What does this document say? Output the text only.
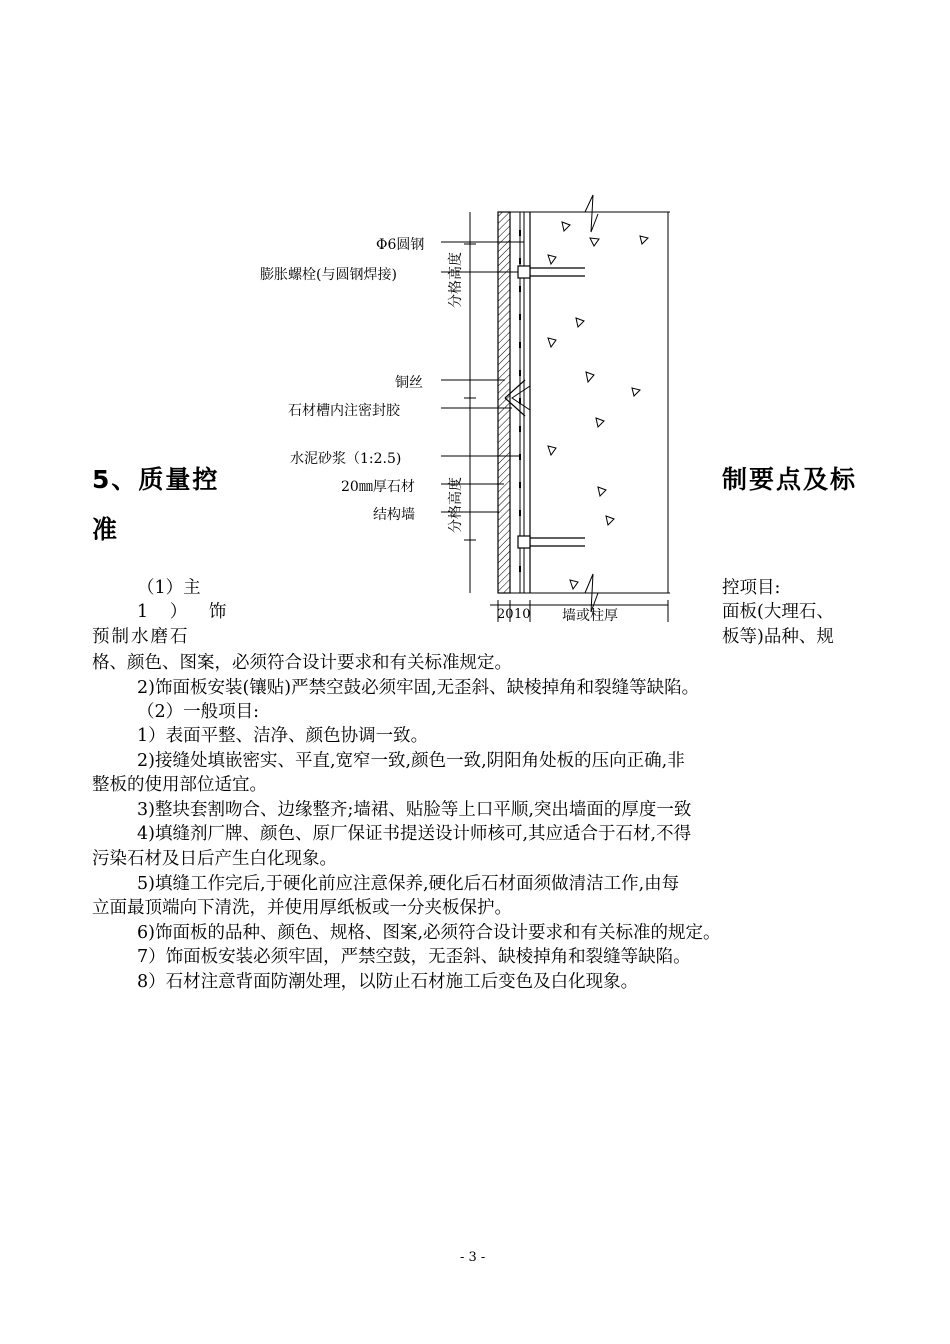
Φ6圆钢
膨胀螺栓(与圆钢焊接)
铜丝
石材槽内注密封胶
水泥砂浆（1:2.5)
20㎜厚石材
结构墙
分格高度
分格高度
20 10 墙或柱厚
5、质量控	制要点及标
准
（1）主	控项目:
1 ） 饰	面板(大理石、
预制水磨石	板等)品种、规
格、颜色、图案，必须符合设计要求和有关标准规定。
2)饰面板安装(镶贴)严禁空鼓必须牢固,无歪斜、缺棱掉角和裂缝等缺陷。
（2）一般项目:
1）表面平整、洁净、颜色协调一致。
2)接缝处填嵌密实、平直,宽窄一致,颜色一致,阴阳角处板的压向正确,非
整板的使用部位适宜。
3)整块套割吻合、边缘整齐;墙裙、贴脸等上口平顺,突出墙面的厚度一致
4)填缝剂厂牌、颜色、原厂保证书提送设计师核可,其应适合于石材,不得
污染石材及日后产生白化现象。
5)填缝工作完后,于硬化前应注意保养,硬化后石材面须做清洁工作,由每
立面最顶端向下清洗，并使用厚纸板或一分夹板保护。
6)饰面板的品种、颜色、规格、图案,必须符合设计要求和有关标准的规定。
7）饰面板安装必须牢固，严禁空鼓，无歪斜、缺棱掉角和裂缝等缺陷。
8）石材注意背面防潮处理，以防止石材施工后变色及白化现象。
- 3 -
